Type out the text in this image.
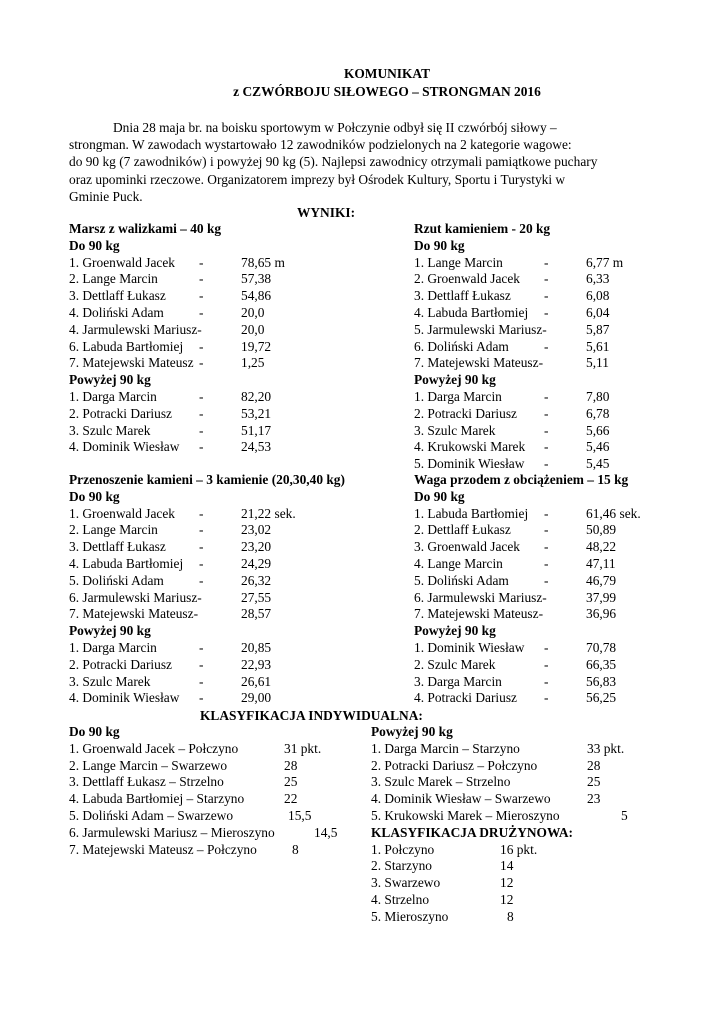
KOMUNIKAT
z CZWÓRBOJU SIŁOWEGO – STRONGMAN 2016
Dnia 28 maja br. na boisku sportowym w Połczynie odbył się II czwórbój siłowy –
strongman. W zawodach wystartowało 12 zawodników podzielonych na 2 kategorie wagowe:
do 90 kg (7 zawodników) i powyżej 90 kg (5). Najlepsi zawodnicy otrzymali pamiątkowe puchary
oraz upominki rzeczowe. Organizatorem imprezy był Ośrodek Kultury, Sportu i Turystyki w
Gminie Puck.
WYNIKI:
Marsz z walizkami – 40 kg
Do 90 kg
1. Groenwald Jacek -	78,65 m
2. Lange Marcin	-	57,38
3. Dettlaff Łukasz -	54,86
4. Doliński Adam	-	20,0
4. Jarmulewski Mariusz-	20,0
6. Labuda Bartłomiej -	19,72
7. Matejewski Mateusz -	1,25
Powyżej 90 kg
1. Darga Marcin	-	82,20
2. Potracki Dariusz -	53,21
3. Szulc Marek	-	51,17
4. Dominik Wiesław -	24,53
Rzut kamieniem - 20 kg
Do 90 kg
1. Lange Marcin	-	6,77 m
2. Groenwald Jacek -	6,33
3. Dettlaff Łukasz -	6,08
4. Labuda Bartłomiej -	6,04
5. Jarmulewski Mariusz-	5,87
6. Doliński Adam	-	5,61
7. Matejewski Mateusz-	5,11
Powyżej 90 kg
1. Darga Marcin	-	7,80
2. Potracki Dariusz -	6,78
3. Szulc Marek	-	5,66
4. Krukowski Marek -	5,46
5. Dominik Wiesław -	5,45
Przenoszenie kamieni – 3 kamienie (20,30,40 kg)
Do 90 kg
1. Groenwald Jacek -	21,22 sek.
2. Lange Marcin	-	23,02
3. Dettlaff Łukasz -	23,20
4. Labuda Bartłomiej -	24,29
5. Doliński Adam	-	26,32
6. Jarmulewski Mariusz-	27,55
7. Matejewski Mateusz-	28,57
Powyżej 90 kg
1. Darga Marcin	-	20,85
2. Potracki Dariusz -	22,93
3. Szulc Marek	-	26,61
4. Dominik Wiesław -	29,00
Waga przodem z obciążeniem – 15 kg
Do 90 kg
1. Labuda Bartłomiej -	61,46 sek.
2. Dettlaff Łukasz -	50,89
3. Groenwald Jacek -	48,22
4. Lange Marcin	-	47,11
5. Doliński Adam	-	46,79
6. Jarmulewski Mariusz-	37,99
7. Matejewski Mateusz-	36,96
Powyżej 90 kg
1. Dominik Wiesław -	70,78
2. Szulc Marek	-	66,35
3. Darga Marcin	-	56,83
4. Potracki Dariusz -	56,25
KLASYFIKACJA INDYWIDUALNA:
Do 90 kg
1. Groenwald Jacek – Połczyno	31 pkt.
2. Lange Marcin – Swarzewo	28
3. Dettlaff Łukasz – Strzelno	25
4. Labuda Bartłomiej – Starzyno	22
5. Doliński Adam – Swarzewo	15,5
6. Jarmulewski Mariusz – Mieroszyno	14,5
7. Matejewski Mateusz – Połczyno	8
Powyżej 90 kg
1. Darga Marcin – Starzyno	33 pkt.
2. Potracki Dariusz – Połczyno	28
3. Szulc Marek – Strzelno	25
4. Dominik Wiesław – Swarzewo	23
5. Krukowski Marek – Mieroszyno	5
KLASYFIKACJA DRUŻYNOWA:
1. Połczyno	16 pkt.
2. Starzyno	14
3. Swarzewo	12
4. Strzelno	12
5. Mieroszyno	8
